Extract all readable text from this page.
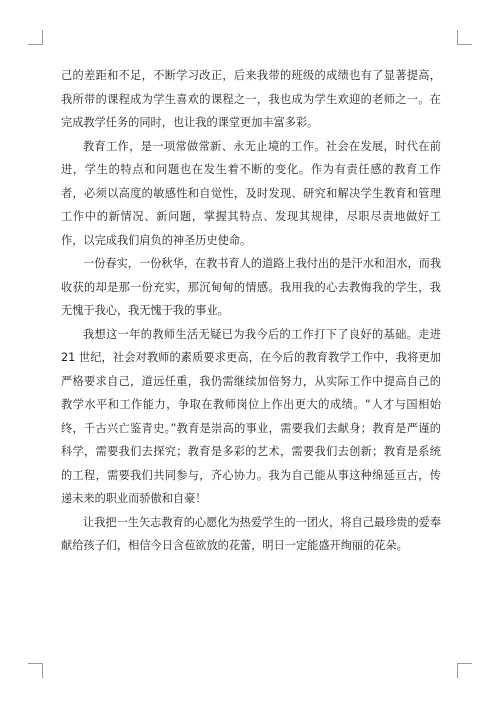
己的差距和不足，不断学习改正，后来我带的班级的成绩也有了显著提高，我所带的课程成为学生喜欢的课程之一，我也成为学生欢迎的老师之一。在完成教学任务的同时，也让我的课堂更加丰富多彩。

教育工作，是一项常做常新、永无止境的工作。社会在发展，时代在前进，学生的特点和问题也在发生着不断的变化。作为有责任感的教育工作者，必须以高度的敏感性和自觉性，及时发现、研究和解决学生教育和管理工作中的新情况、新问题，掌握其特点、发现其规律，尽职尽责地做好工作，以完成我们肩负的神圣历史使命。

一份春实，一份秋华，在教书育人的道路上我付出的是汗水和泪水，而我收获的却是那一份充实，那沉甸甸的情感。我用我的心去教悔我的学生，我无愧于我心，我无愧于我的事业。

我想这一年的教师生活无疑已为我今后的工作打下了良好的基础。走进 21 世纪，社会对教师的素质要求更高，在今后的教育教学工作中，我将更加严格要求自己，道远任重，我仍需继续加倍努力，从实际工作中提高自己的教学水平和工作能力，争取在教师岗位上作出更大的成绩。“人才与国相始终，千古兴亡鉴青史。”教育是崇高的事业，需要我们去献身；教育是严谨的科学，需要我们去探究；教育是多彩的艺术，需要我们去创新；教育是系统的工程，需要我们共同参与，齐心协力。我为自己能从事这种绵延亘古，传递未来的职业而骄傲和自豪！

让我把一生矢志教育的心愿化为热爱学生的一团火，将自己最珍贵的爱奉献给孩子们，相信今日含苞欲放的花蕾，明日一定能盛开绚丽的花朵。
